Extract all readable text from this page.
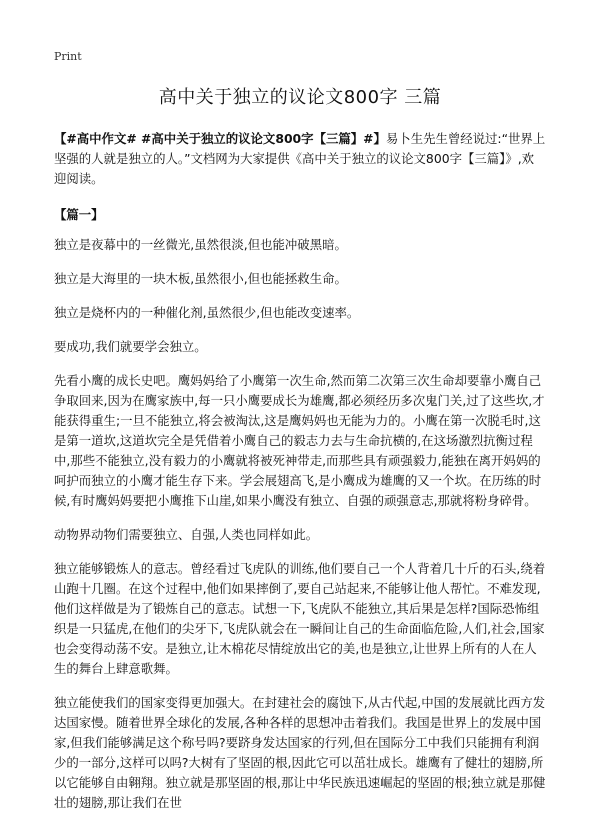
Print
高中关于独立的议论文800字 三篇

【#高中作文# #高中关于独立的议论文800字【三篇】#】易卜生先生曾经说过:“世界上坚强的人就是独立的人。”文档网为大家提供《高中关于独立的议论文800字【三篇】》,欢迎阅读。

【篇一】

独立是夜幕中的一丝微光,虽然很淡,但也能冲破黑暗。

独立是大海里的一块木板,虽然很小,但也能拯救生命。

独立是烧杯内的一种催化剂,虽然很少,但也能改变速率。

要成功,我们就要学会独立。

先看小鹰的成长史吧。鹰妈妈给了小鹰第一次生命,然而第二次第三次生命却要靠小鹰自己争取回来,因为在鹰家族中,每一只小鹰要成长为雄鹰,都必须经历多次鬼门关,过了这些坎,才能获得重生;一旦不能独立,将会被淘汰,这是鹰妈妈也无能为力的。小鹰在第一次脱毛时,这是第一道坎,这道坎完全是凭借着小鹰自己的毅志力去与生命抗横的,在这场激烈抗衡过程中,那些不能独立,没有毅力的小鹰就将被死神带走,而那些具有顽强毅力,能独在离开妈妈的呵护而独立的小鹰才能生存下来。学会展翅高飞,是小鹰成为雄鹰的又一个坎。在历练的时候,有时鹰妈妈要把小鹰推下山崖,如果小鹰没有独立、自强的顽强意志,那就将粉身碎骨。

动物界动物们需要独立、自强,人类也同样如此。

独立能够锻炼人的意志。曾经看过飞虎队的训练,他们要自己一个人背着几十斤的石头,绕着山跑十几圈。在这个过程中,他们如果摔倒了,要自己站起来,不能够让他人帮忙。不难发现,他们这样做是为了锻炼自己的意志。试想一下,飞虎队不能独立,其后果是怎样?国际恐怖组织是一只猛虎,在他们的尖牙下,飞虎队就会在一瞬间让自己的生命面临危险,人们,社会,国家也会变得动荡不安。是独立,让木棉花尽情绽放出它的美,也是独立,让世界上所有的人在人生的舞台上肆意歌舞。

独立能使我们的国家变得更加强大。在封建社会的腐蚀下,从古代起,中国的发展就比西方发达国家慢。随着世界全球化的发展,各种各样的思想冲击着我们。我国是世界上的发展中国家,但我们能够满足这个称号吗?要跻身发达国家的行列,但在国际分工中我们只能拥有利润少的一部分,这样可以吗?大树有了坚固的根,因此它可以茁壮成长。雄鹰有了健壮的翅膀,所以它能够自由翱翔。独立就是那坚固的根,那让中华民族迅速崛起的坚固的根;独立就是那健壮的翅膀,那让我们在世
